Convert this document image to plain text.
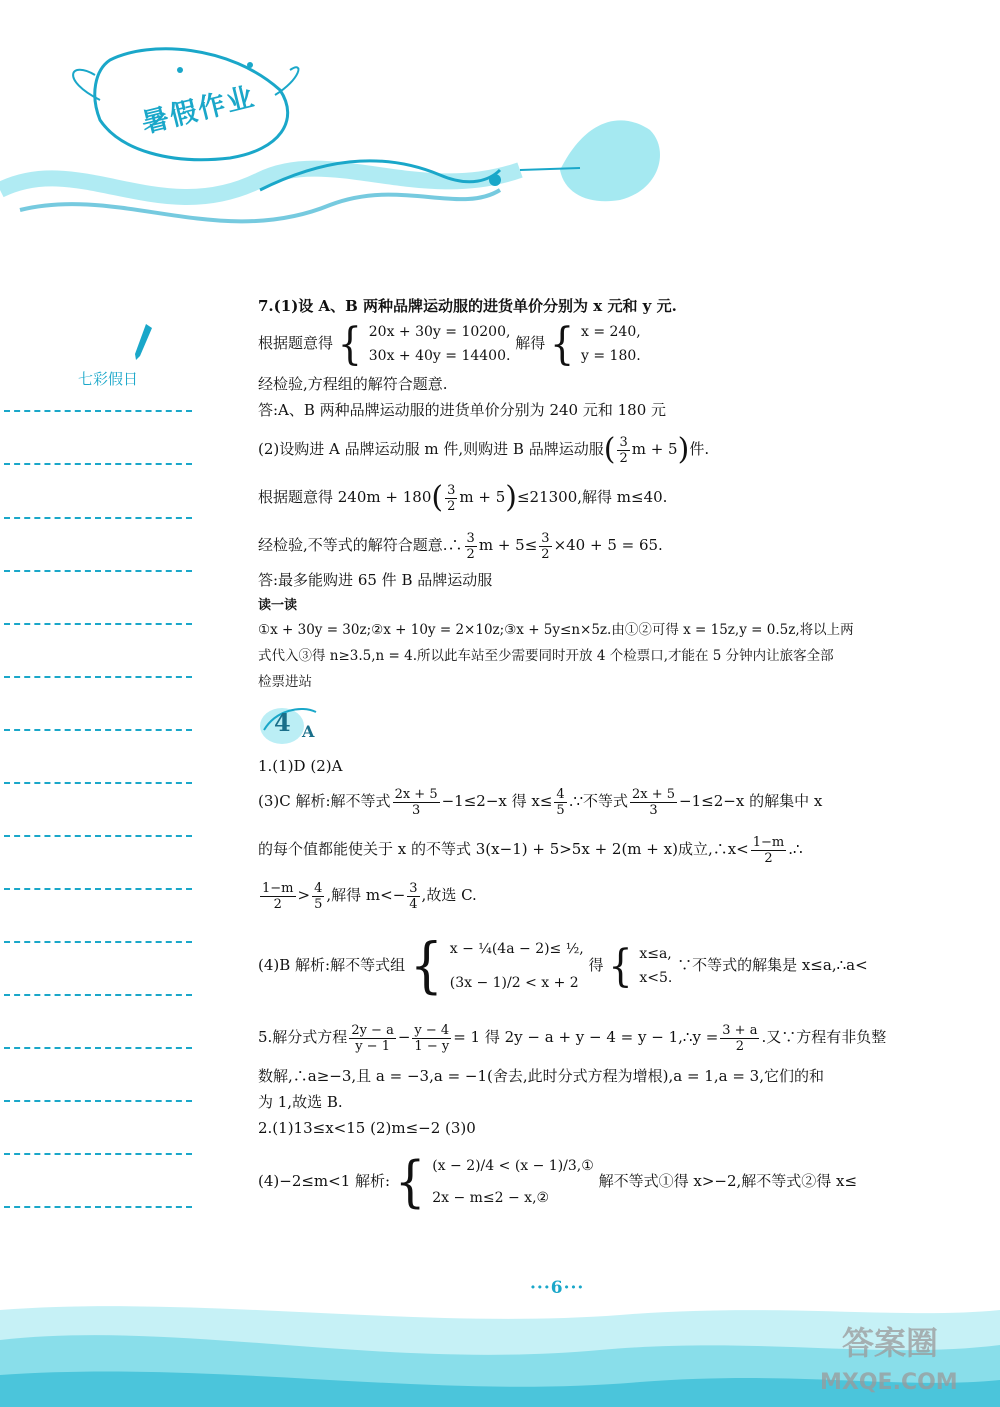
暑假作业
七彩假日
7.(1)设 A、B 两种品牌运动服的进货单价分别为 x 元和 y 元.
根据题意得 { 20x + 30y = 10200,
30x + 40y = 14400.
解得 { x = 240,
y = 180.
经检验,方程组的解符合题意.
答:A、B 两种品牌运动服的进货单价分别为 240 元和 180 元
(2)设购进 A 品牌运动服 m 件,则购进 B 品牌运动服( $\frac{3}{2}$ m + 5)件.
根据题意得 $240m + 180( \frac{3}{2}$ m + 5)≤21300,解得 m≤40.
经检验,不等式的解符合题意.∴ $\frac{3}{2}$ $m + 5\le \frac{3}{2} \times 40 + 5 = 65$.
答:最多能购进 65 件 B 品牌运动服
读一读
①x + 30y = 30z;②x + 10y = 2×10z;③x + 5y≤n×5z.由①②可得 x = 15z,y = 0.5z,将以上两
式代入③得 n≥3.5,n = 4.所以此车站至少需要同时开放 4 个检票口,才能在 5 分钟内让旅客全部
检票进站
4 A
1.(1)D (2)A
(3)C 解析:解不等式 $\frac{2x + 5}{3} -1\le 2-x$ 得 $x\le \frac{4}{5}$ .∵不等式 $\frac{2x + 5}{3} -1\le 2-x$ 的解集中 x
的每个值都能使关于 x 的不等式 3(x−1) + 5>5x + 2(m + x)成立,∴x< $\frac{1-m}{2}$ .∴
$\frac{1-m}{2} > \frac{4}{5}$ ,解得 $m<- \frac{3}{4}$ ,故选 C.
(4)B 解析:解不等式组 { x − ¼(4a − 2)≤ ½,
(3x − 1)/2 < x + 2
得 { x≤a,
x<5.
∵不等式的解集是 x≤a,∴a<
5.解分式方程 $\frac{2y - a}{y - 1} - \frac{y - 4}{1 - y} = 1$ 得 2y − a + y − 4 = y − 1,∴y = $\frac{3 + a}{2}$ .又∵方程有非负整
数解,∴a≥−3,且 a = −3,a = −1(舍去,此时分式方程为增根),a = 1,a = 3,它们的和
为 1,故选 B.
2.(1)13≤x<15 (2)m≤−2 (3)0
(4)−2≤m<1 解析: { (x − 2)/4 < (x − 1)/3,①
2x − m≤2 − x,②
解不等式①得 x>−2,解不等式②得 x≤
···6···
答案圈
MXQE.COM
